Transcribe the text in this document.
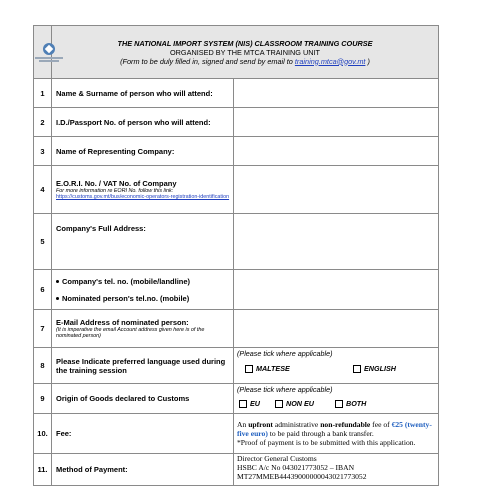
	THE NATIONAL IMPORT SYSTEM (NIS) CLASSROOM TRAINING COURSE
ORGANISED BY THE MTCA TRAINING UNIT
(Form to be duly filled in, signed and send by email to training.mtca@gov.mt )	

1	Name & Surname of person who will attend:	
2	I.D./Passport No. of person who will attend:	
3	Name of Representing Company:	
4	E.O.R.I. No. / VAT No. of Company
For more information re EORI No. follow this link:
https://customs.gov.mt/bus/economic-operators-registration-identification	

5	Company's Full Address:	
6	Company's tel. no. (mobile/landline)
Nominated person's tel.no. (mobile)	

7	E-Mail Address of nominated person:
(It is imperative the email Account address given here is of the nominated person)	

8	Please Indicate preferred language used during the training session	(Please tick where applicable)
MALTESE ENGLISH

9	Origin of Goods declared to Customs	(Please tick where applicable)
EU NON EU BOTH

10.	Fee:	An upfront administrative non-refundable fee of €25 (twenty-five euro) to be paid through a bank transfer.
*Proof of payment is to be submitted with this application.
11.	Method of Payment:	Director General Customs
HSBC A/c No 043021773052 – IBAN
MT27MMEB44439000000043021773052
